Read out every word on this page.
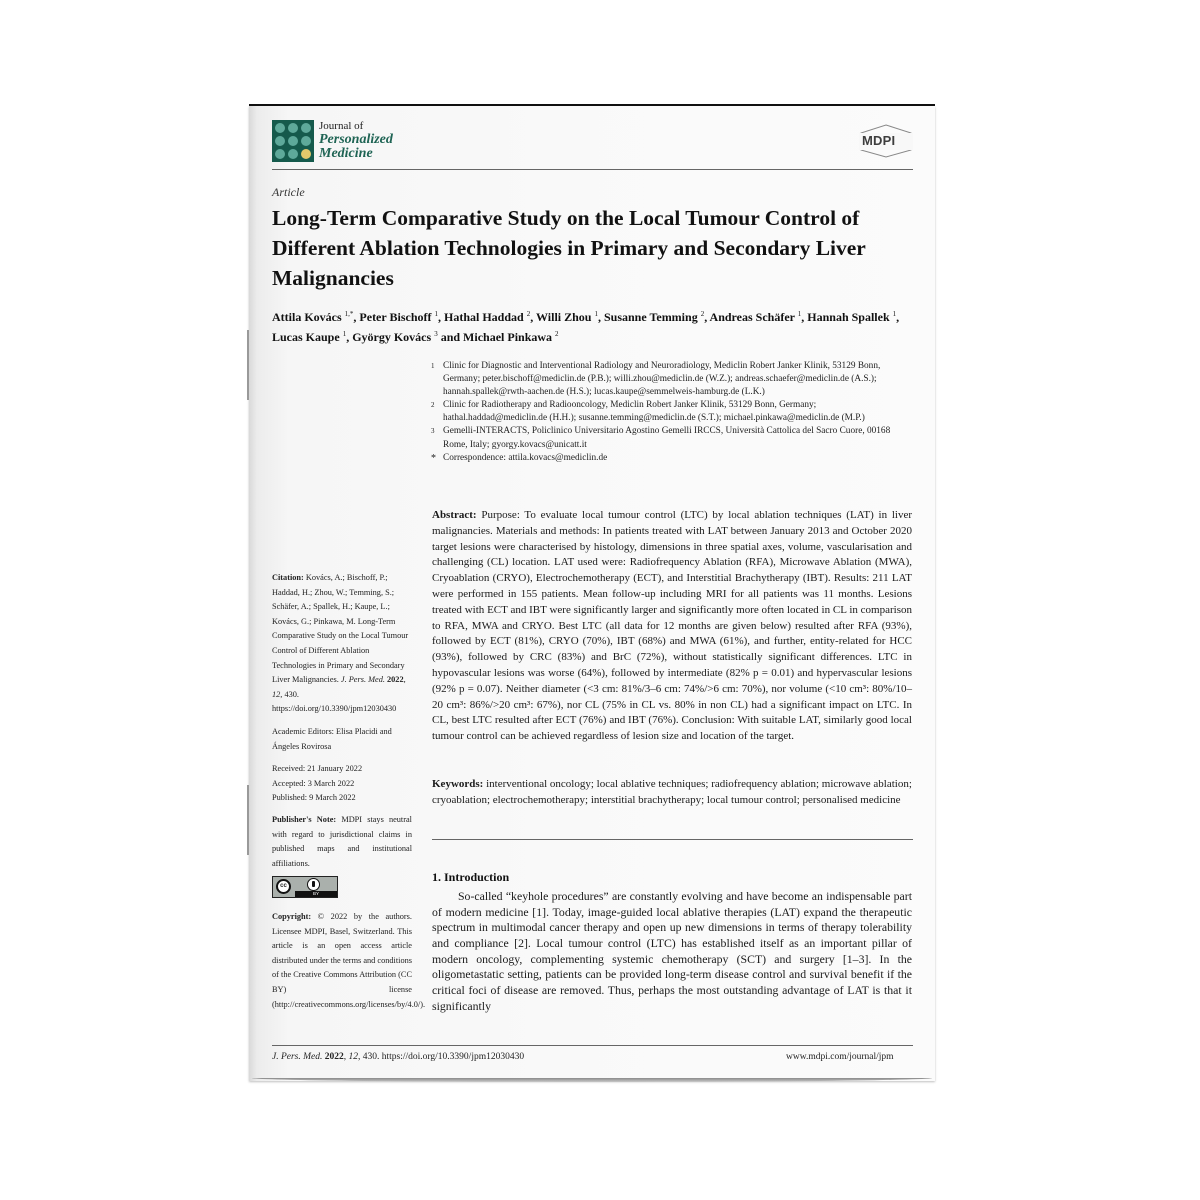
Journal of
Personalized
Medicine
MDPI
Article
Long-Term Comparative Study on the Local Tumour Control of Different Ablation Technologies in Primary and Secondary Liver Malignancies
Attila Kovács $^{1,*}$, Peter Bischoff $^1$, Hathal Haddad $^2$, Willi Zhou $^1$, Susanne Temming $^2$, Andreas Schäfer $^1$, Hannah Spallek $^1$, Lucas Kaupe $^1$, György Kovács $^3$ and Michael Pinkawa $^2$
1 Clinic for Diagnostic and Interventional Radiology and Neuroradiology, Mediclin Robert Janker Klinik, 53129 Bonn, Germany; peter.bischoff@mediclin.de (P.B.); willi.zhou@mediclin.de (W.Z.); andreas.schaefer@mediclin.de (A.S.); hannah.spallek@rwth-aachen.de (H.S.); lucas.kaupe@semmelweis-hamburg.de (L.K.)
2 Clinic for Radiotherapy and Radiooncology, Mediclin Robert Janker Klinik, 53129 Bonn, Germany; hathal.haddad@mediclin.de (H.H.); susanne.temming@mediclin.de (S.T.); michael.pinkawa@mediclin.de (M.P.)
3 Gemelli-INTERACTS, Policlinico Universitario Agostino Gemelli IRCCS, Università Cattolica del Sacro Cuore, 00168 Rome, Italy; gyorgy.kovacs@unicatt.it
* Correspondence: attila.kovacs@mediclin.de
Abstract: Purpose: To evaluate local tumour control (LTC) by local ablation techniques (LAT) in liver malignancies. Materials and methods: In patients treated with LAT between January 2013 and October 2020 target lesions were characterised by histology, dimensions in three spatial axes, volume, vascularisation and challenging (CL) location. LAT used were: Radiofrequency Ablation (RFA), Microwave Ablation (MWA), Cryoablation (CRYO), Electrochemotherapy (ECT), and Interstitial Brachytherapy (IBT). Results: 211 LAT were performed in 155 patients. Mean follow-up including MRI for all patients was 11 months. Lesions treated with ECT and IBT were significantly larger and significantly more often located in CL in comparison to RFA, MWA and CRYO. Best LTC (all data for 12 months are given below) resulted after RFA (93%), followed by ECT (81%), CRYO (70%), IBT (68%) and MWA (61%), and further, entity-related for HCC (93%), followed by CRC (83%) and BrC (72%), without statistically significant differences. LTC in hypovascular lesions was worse (64%), followed by intermediate (82% p = 0.01) and hypervascular lesions (92% p = 0.07). Neither diameter (<3 cm: 81%/3–6 cm: 74%/>6 cm: 70%), nor volume (<10 cm³: 80%/10–20 cm³: 86%/>20 cm³: 67%), nor CL (75% in CL vs. 80% in non CL) had a significant impact on LTC. In CL, best LTC resulted after ECT (76%) and IBT (76%). Conclusion: With suitable LAT, similarly good local tumour control can be achieved regardless of lesion size and location of the target.
Keywords: interventional oncology; local ablative techniques; radiofrequency ablation; microwave ablation; cryoablation; electrochemotherapy; interstitial brachytherapy; local tumour control; personalised medicine
Citation: Kovács, A.; Bischoff, P.; Haddad, H.; Zhou, W.; Temming, S.; Schäfer, A.; Spallek, H.; Kaupe, L.; Kovács, G.; Pinkawa, M. Long-Term Comparative Study on the Local Tumour Control of Different Ablation Technologies in Primary and Secondary Liver Malignancies. J. Pers. Med. 2022, 12, 430. https://doi.org/10.3390/jpm12030430
Academic Editors: Elisa Placidi and Ángeles Rovirosa
Received: 21 January 2022
Accepted: 3 March 2022
Published: 9 March 2022
Publisher's Note: MDPI stays neutral with regard to jurisdictional claims in published maps and institutional affiliations.
cc
BY
Copyright: © 2022 by the authors. Licensee MDPI, Basel, Switzerland. This article is an open access article distributed under the terms and conditions of the Creative Commons Attribution (CC BY) license (http://creativecommons.org/licenses/by/4.0/).
1. Introduction
So-called “keyhole procedures” are constantly evolving and have become an indispensable part of modern medicine [1]. Today, image-guided local ablative therapies (LAT) expand the therapeutic spectrum in multimodal cancer therapy and open up new dimensions in terms of therapy tolerability and compliance [2]. Local tumour control (LTC) has established itself as an important pillar of modern oncology, complementing systemic chemotherapy (SCT) and surgery [1–3]. In the oligometastatic setting, patients can be provided long-term disease control and survival benefit if the critical foci of disease are removed. Thus, perhaps the most outstanding advantage of LAT is that it significantly
J. Pers. Med. 2022, 12, 430. https://doi.org/10.3390/jpm12030430	www.mdpi.com/journal/jpm
